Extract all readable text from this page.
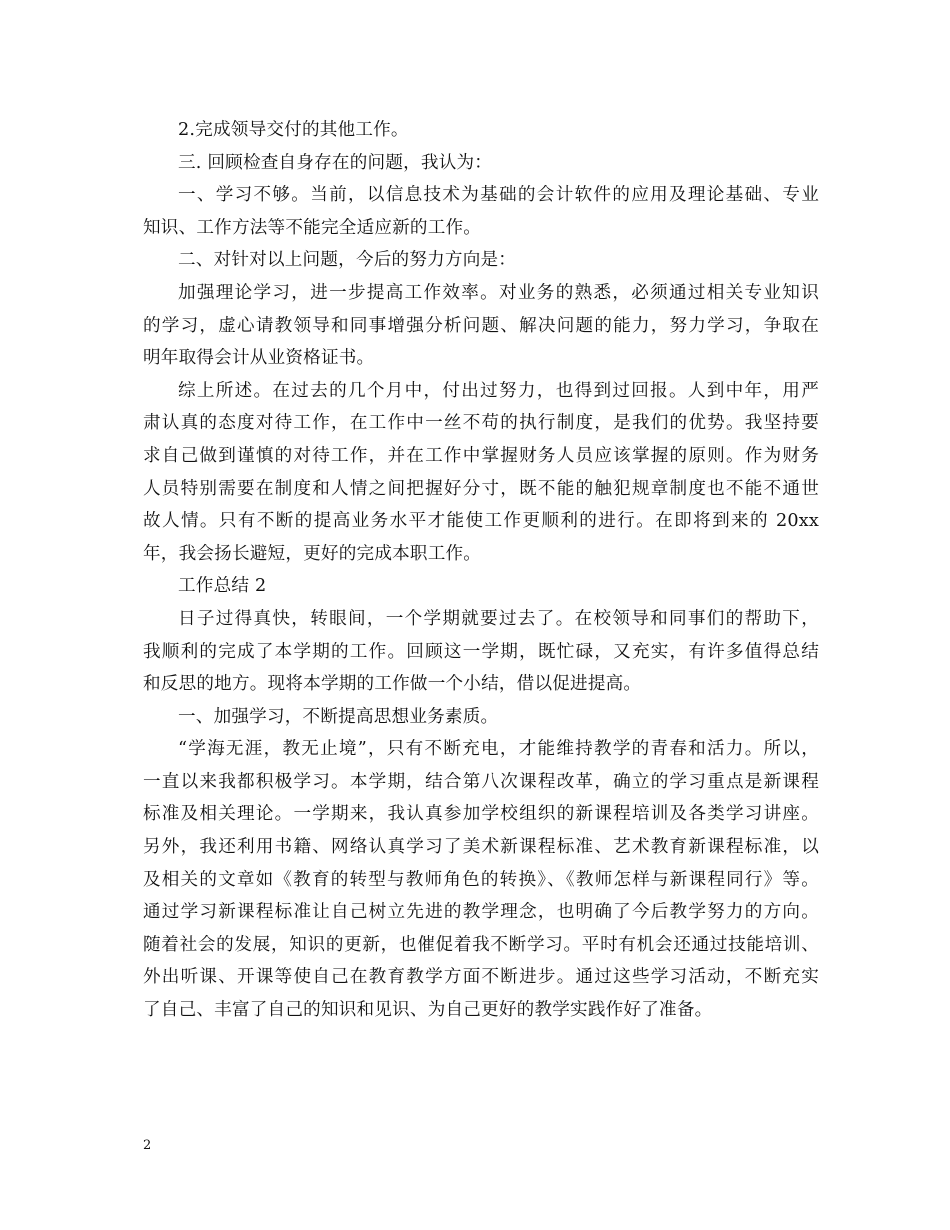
2.完成领导交付的其他工作。
三. 回顾检查自身存在的问题，我认为：
一、学习不够。当前，以信息技术为基础的会计软件的应用及理论基础、专业
知识、工作方法等不能完全适应新的工作。
二、对针对以上问题，今后的努力方向是：
加强理论学习，进一步提高工作效率。对业务的熟悉，必须通过相关专业知识
的学习，虚心请教领导和同事增强分析问题、解决问题的能力，努力学习，争取在
明年取得会计从业资格证书。
综上所述。在过去的几个月中，付出过努力，也得到过回报。人到中年，用严
肃认真的态度对待工作，在工作中一丝不苟的执行制度，是我们的优势。我坚持要
求自己做到谨慎的对待工作，并在工作中掌握财务人员应该掌握的原则。作为财务
人员特别需要在制度和人情之间把握好分寸，既不能的触犯规章制度也不能不通世
故人情。只有不断的提高业务水平才能使工作更顺利的进行。在即将到来的 20xx
年，我会扬长避短，更好的完成本职工作。
工作总结 2
日子过得真快，转眼间，一个学期就要过去了。在校领导和同事们的帮助下，
我顺利的完成了本学期的工作。回顾这一学期，既忙碌，又充实，有许多值得总结
和反思的地方。现将本学期的工作做一个小结，借以促进提高。
一、加强学习，不断提高思想业务素质。
“学海无涯，教无止境”，只有不断充电，才能维持教学的青春和活力。所以，
一直以来我都积极学习。本学期，结合第八次课程改革，确立的学习重点是新课程
标准及相关理论。一学期来，我认真参加学校组织的新课程培训及各类学习讲座。
另外，我还利用书籍、网络认真学习了美术新课程标准、艺术教育新课程标准，以
及相关的文章如《教育的转型与教师角色的转换》、《教师怎样与新课程同行》等。
通过学习新课程标准让自己树立先进的教学理念，也明确了今后教学努力的方向。
随着社会的发展，知识的更新，也催促着我不断学习。平时有机会还通过技能培训、
外出听课、开课等使自己在教育教学方面不断进步。通过这些学习活动，不断充实
了自己、丰富了自己的知识和见识、为自己更好的教学实践作好了准备。
2
